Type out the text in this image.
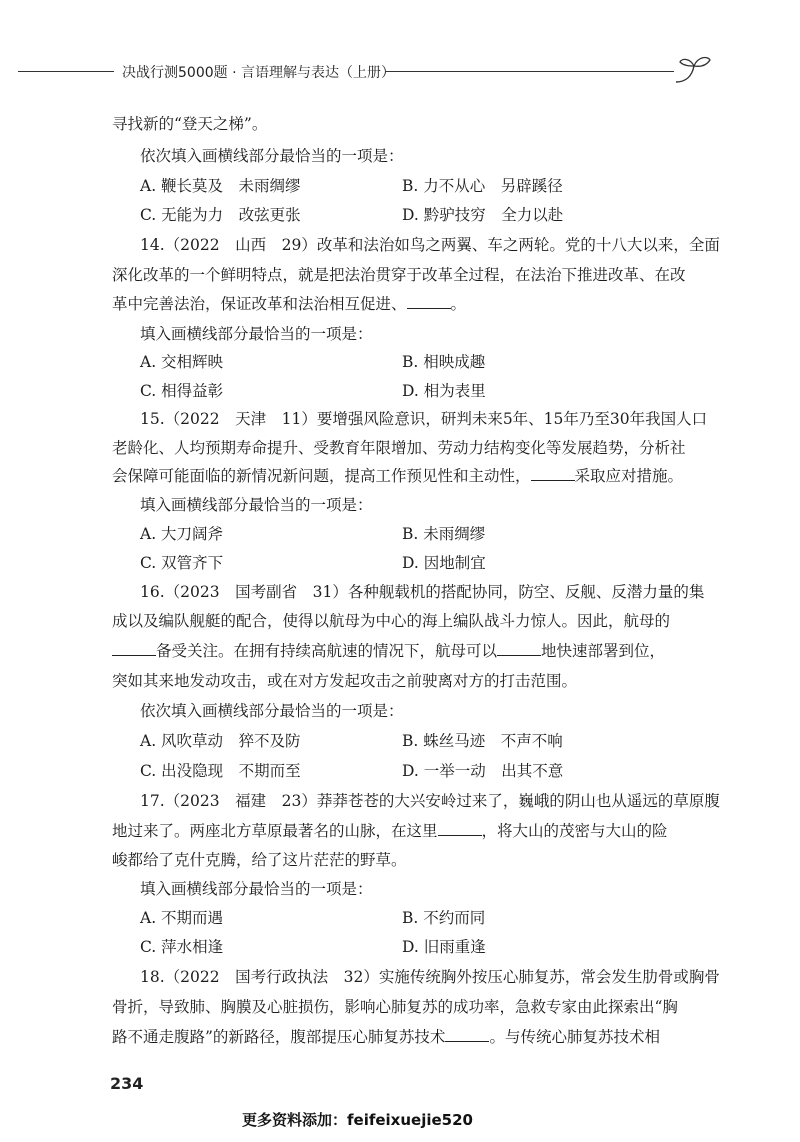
决战行测5000题 · 言语理解与表达（上册）
寻找新的“登天之梯”。
依次填入画横线部分最恰当的一项是：
A. 鞭长莫及　未雨绸缪	B. 力不从心　另辟蹊径
C. 无能为力　改弦更张	D. 黔驴技穷　全力以赴
14.（2022　山西　29）改革和法治如鸟之两翼、车之两轮。党的十八大以来，全面
深化改革的一个鲜明特点，就是把法治贯穿于改革全过程，在法治下推进改革、在改
革中完善法治，保证改革和法治相互促进、	。
填入画横线部分最恰当的一项是：
A. 交相辉映	B. 相映成趣
C. 相得益彰	D. 相为表里
15.（2022　天津　11）要增强风险意识，研判未来5年、15年乃至30年我国人口
老龄化、人均预期寿命提升、受教育年限增加、劳动力结构变化等发展趋势，分析社
会保障可能面临的新情况新问题，提高工作预见性和主动性，	采取应对措施。
填入画横线部分最恰当的一项是：
A. 大刀阔斧	B. 未雨绸缪
C. 双管齐下	D. 因地制宜
16.（2023　国考副省　31）各种舰载机的搭配协同，防空、反舰、反潜力量的集
成以及编队舰艇的配合，使得以航母为中心的海上编队战斗力惊人。因此，航母的
备受关注。在拥有持续高航速的情况下，航母可以	地快速部署到位，
突如其来地发动攻击，或在对方发起攻击之前驶离对方的打击范围。
依次填入画横线部分最恰当的一项是：
A. 风吹草动　猝不及防	B. 蛛丝马迹　不声不响
C. 出没隐现　不期而至	D. 一举一动　出其不意
17.（2023　福建　23）莽莽苍苍的大兴安岭过来了，巍峨的阴山也从遥远的草原腹
地过来了。两座北方草原最著名的山脉，在这里	，将大山的茂密与大山的险
峻都给了克什克腾，给了这片茫茫的野草。
填入画横线部分最恰当的一项是：
A. 不期而遇	B. 不约而同
C. 萍水相逢	D. 旧雨重逢
18.（2022　国考行政执法　32）实施传统胸外按压心肺复苏，常会发生肋骨或胸骨
骨折，导致肺、胸膜及心脏损伤，影响心肺复苏的成功率，急救专家由此探索出“胸
路不通走腹路”的新路径，腹部提压心肺复苏技术	。与传统心肺复苏技术相
234
更多资料添加：feifeixuejie520
